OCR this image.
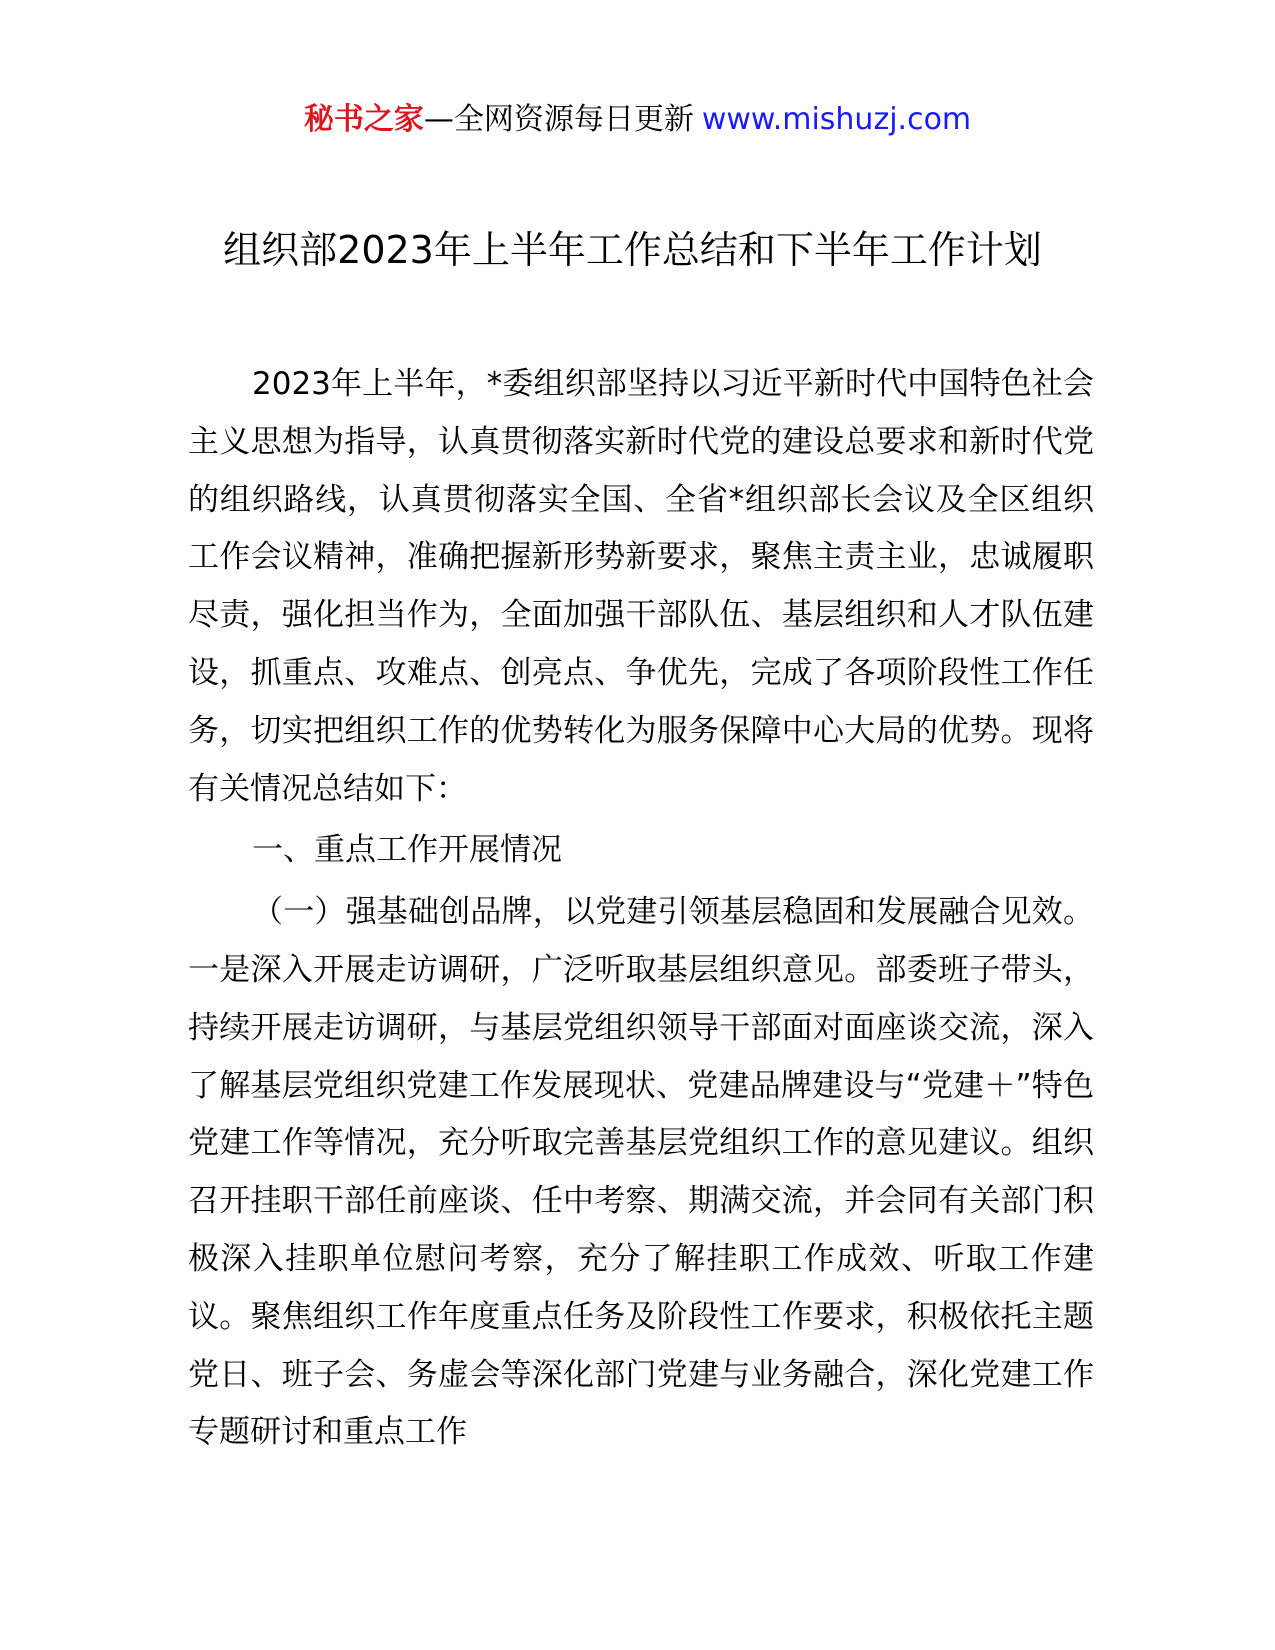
秘书之家—全网资源每日更新 www.mishuzj.com
组织部2023年上半年工作总结和下半年工作计划

2023年上半年，*委组织部坚持以习近平新时代中国特色社会主义思想为指导，认真贯彻落实新时代党的建设总要求和新时代党的组织路线，认真贯彻落实全国、全省*组织部长会议及全区组织工作会议精神，准确把握新形势新要求，聚焦主责主业，忠诚履职尽责，强化担当作为，全面加强干部队伍、基层组织和人才队伍建设，抓重点、攻难点、创亮点、争优先，完成了各项阶段性工作任务，切实把组织工作的优势转化为服务保障中心大局的优势。现将有关情况总结如下：

一、重点工作开展情况

（一）强基础创品牌，以党建引领基层稳固和发展融合见效。一是深入开展走访调研，广泛听取基层组织意见。部委班子带头，持续开展走访调研，与基层党组织领导干部面对面座谈交流，深入了解基层党组织党建工作发展现状、党建品牌建设与“党建＋”特色党建工作等情况，充分听取完善基层党组织工作的意见建议。组织召开挂职干部任前座谈、任中考察、期满交流，并会同有关部门积极深入挂职单位慰问考察，充分了解挂职工作成效、听取工作建议。聚焦组织工作年度重点任务及阶段性工作要求，积极依托主题党日、班子会、务虚会等深化部门党建与业务融合，深化党建工作专题研讨和重点工作
